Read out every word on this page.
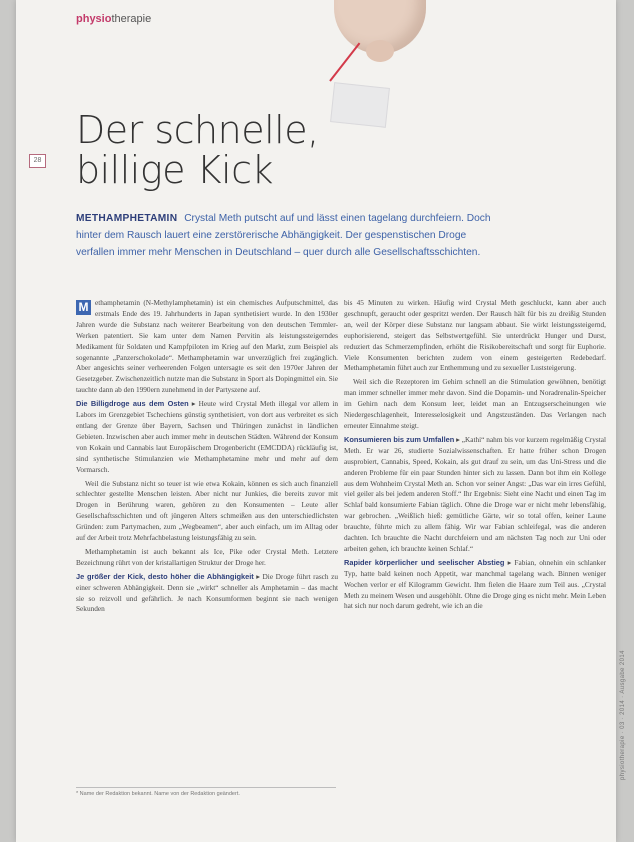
physiotherapie
28
Der schnelle,
billige Kick
METHAMPHETAMIN Crystal Meth putscht auf und lässt einen tagelang durchfeiern. Doch hinter dem Rausch lauert eine zerstörerische Abhängigkeit. Der gespenstischen Droge verfallen immer mehr Menschen in Deutschland – quer durch alle Gesellschaftsschichten.

M ethamphetamin (N-Methylamphetamin) ist ein chemisches Aufputschmittel, das erstmals Ende des 19. Jahrhunderts in Japan synthetisiert wurde. In den 1930er Jahren wurde die Substanz nach weiterer Bearbeitung von den deutschen Temmler-Werken patentiert. Sie kam unter dem Namen Pervitin als leistungssteigerndes Medikament für Soldaten und Kampfpiloten im Krieg auf den Markt, zum Beispiel als sogenannte „Panzerschokolade“. Methamphetamin war unverzüglich frei zugänglich. Aber angesichts seiner verheerenden Folgen untersagte es seit den 1970er Jahren der Gesetzgeber. Zwischenzeitlich nutzte man die Substanz in Sport als Dopingmittel ein. Sie tauchte dann ab den 1990ern zunehmend in der Partyszene auf.

Die Billigdroge aus dem Osten ▸ Heute wird Crystal Meth illegal vor allem in Labors im Grenzgebiet Tschechiens günstig synthetisiert, von dort aus verbreitet es sich entlang der Grenze über Bayern, Sachsen und Thüringen zunächst in ländlichen Gebieten. Inzwischen aber auch immer mehr in deutschen Städten. Während der Konsum von Kokain und Cannabis laut Europäischem Drogenbericht (EMCDDA) rückläufig ist, sind synthetische Stimulanzien wie Methamphetamine mehr und mehr auf dem Vormarsch.

Weil die Substanz nicht so teuer ist wie etwa Kokain, können es sich auch finanziell schlechter gestellte Menschen leisten. Aber nicht nur Junkies, die bereits zuvor mit Drogen in Berührung waren, gehören zu den Konsumenten – Leute aller Gesellschaftsschichten und oft jüngeren Alters schmeißen aus den unterschiedlichsten Gründen: zum Partymachen, zum „Wegbeamen“, aber auch einfach, um im Alltag oder auf der Arbeit trotz Mehrfachbelastung leistungsfähig zu sein.

Methamphetamin ist auch bekannt als Ice, Pike oder Crystal Meth. Letztere Bezeichnung rührt von der kristallartigen Struktur der Droge her.

Je größer der Kick, desto höher die Abhängigkeit ▸ Die Droge führt rasch zu einer schweren Abhängigkeit. Denn sie „wirkt“ schneller als Amphetamin – das macht sie so reizvoll und gefährlich. Je nach Konsumformen beginnt sie nach wenigen Sekunden

bis 45 Minuten zu wirken. Häufig wird Crystal Meth geschluckt, kann aber auch geschnupft, geraucht oder gespritzt werden. Der Rausch hält für bis zu dreißig Stunden an, weil der Körper diese Substanz nur langsam abbaut. Sie wirkt leistungssteigernd, euphorisierend, steigert das Selbstwertgefühl. Sie unterdrückt Hunger und Durst, reduziert das Schmerzempfinden, erhöht die Risikobereitschaft und sorgt für Euphorie. Viele Konsumenten berichten zudem von einem gesteigerten Redebedarf. Methamphetamin führt auch zur Enthemmung und zu sexueller Luststeigerung.

Weil sich die Rezeptoren im Gehirn schnell an die Stimulation gewöhnen, benötigt man immer schneller immer mehr davon. Sind die Dopamin- und Noradrenalin-Speicher im Gehirn nach dem Konsum leer, leidet man an Entzugserscheinungen wie Niedergeschlagenheit, Interesselosigkeit und Angstzuständen. Das Verlangen nach erneuter Einnahme steigt.

Konsumieren bis zum Umfallen ▸ „Kathi“ nahm bis vor kurzem regelmäßig Crystal Meth. Er war 26, studierte Sozialwissenschaften. Er hatte früher schon Drogen ausprobiert, Cannabis, Speed, Kokain, als gut drauf zu sein, um das Uni-Stress und die anderen Probleme für ein paar Stunden hinter sich zu lassen. Dann bot ihm ein Kollege aus dem Wohnheim Crystal Meth an. Schon vor seiner Angst: „Das war ein irres Gefühl, viel geiler als bei jedem anderen Stoff.“ Ihr Ergebnis: Sieht eine Nacht und einen Tag im Schlaf bald konsumierte Fabian täglich. Ohne die Droge war er nicht mehr lebensfähig, war gebrochen. „Weißlich hieß: gemütliche Gärte, wir so total offen, keiner Laune brauchte, führte mich zu allem fähig. Wir war Fabian schleifegal, was die anderen dachten. Ich brauchte die Nacht durchfeiern und am nächsten Tag noch zur Uni oder arbeiten gehen, ich brauchte keinen Schlaf.“

Rapider körperlicher und seelischer Abstieg ▸ Fabian, ohnehin ein schlanker Typ, hatte bald keinen noch Appetit, war manchmal tagelang wach. Binnen weniger Wochen verlor er elf Kilogramm Gewicht. Ihm fielen die Haare zum Teil aus. „Crystal Meth zu meinem Wesen und ausgehöhlt. Ohne die Droge ging es nicht mehr. Mein Leben hat sich nur noch darum gedreht, wie ich an die

* Name der Redaktion bekannt. Name von der Redaktion geändert.
physiotherapie · 03 · 2014 · Ausgabe 2014
